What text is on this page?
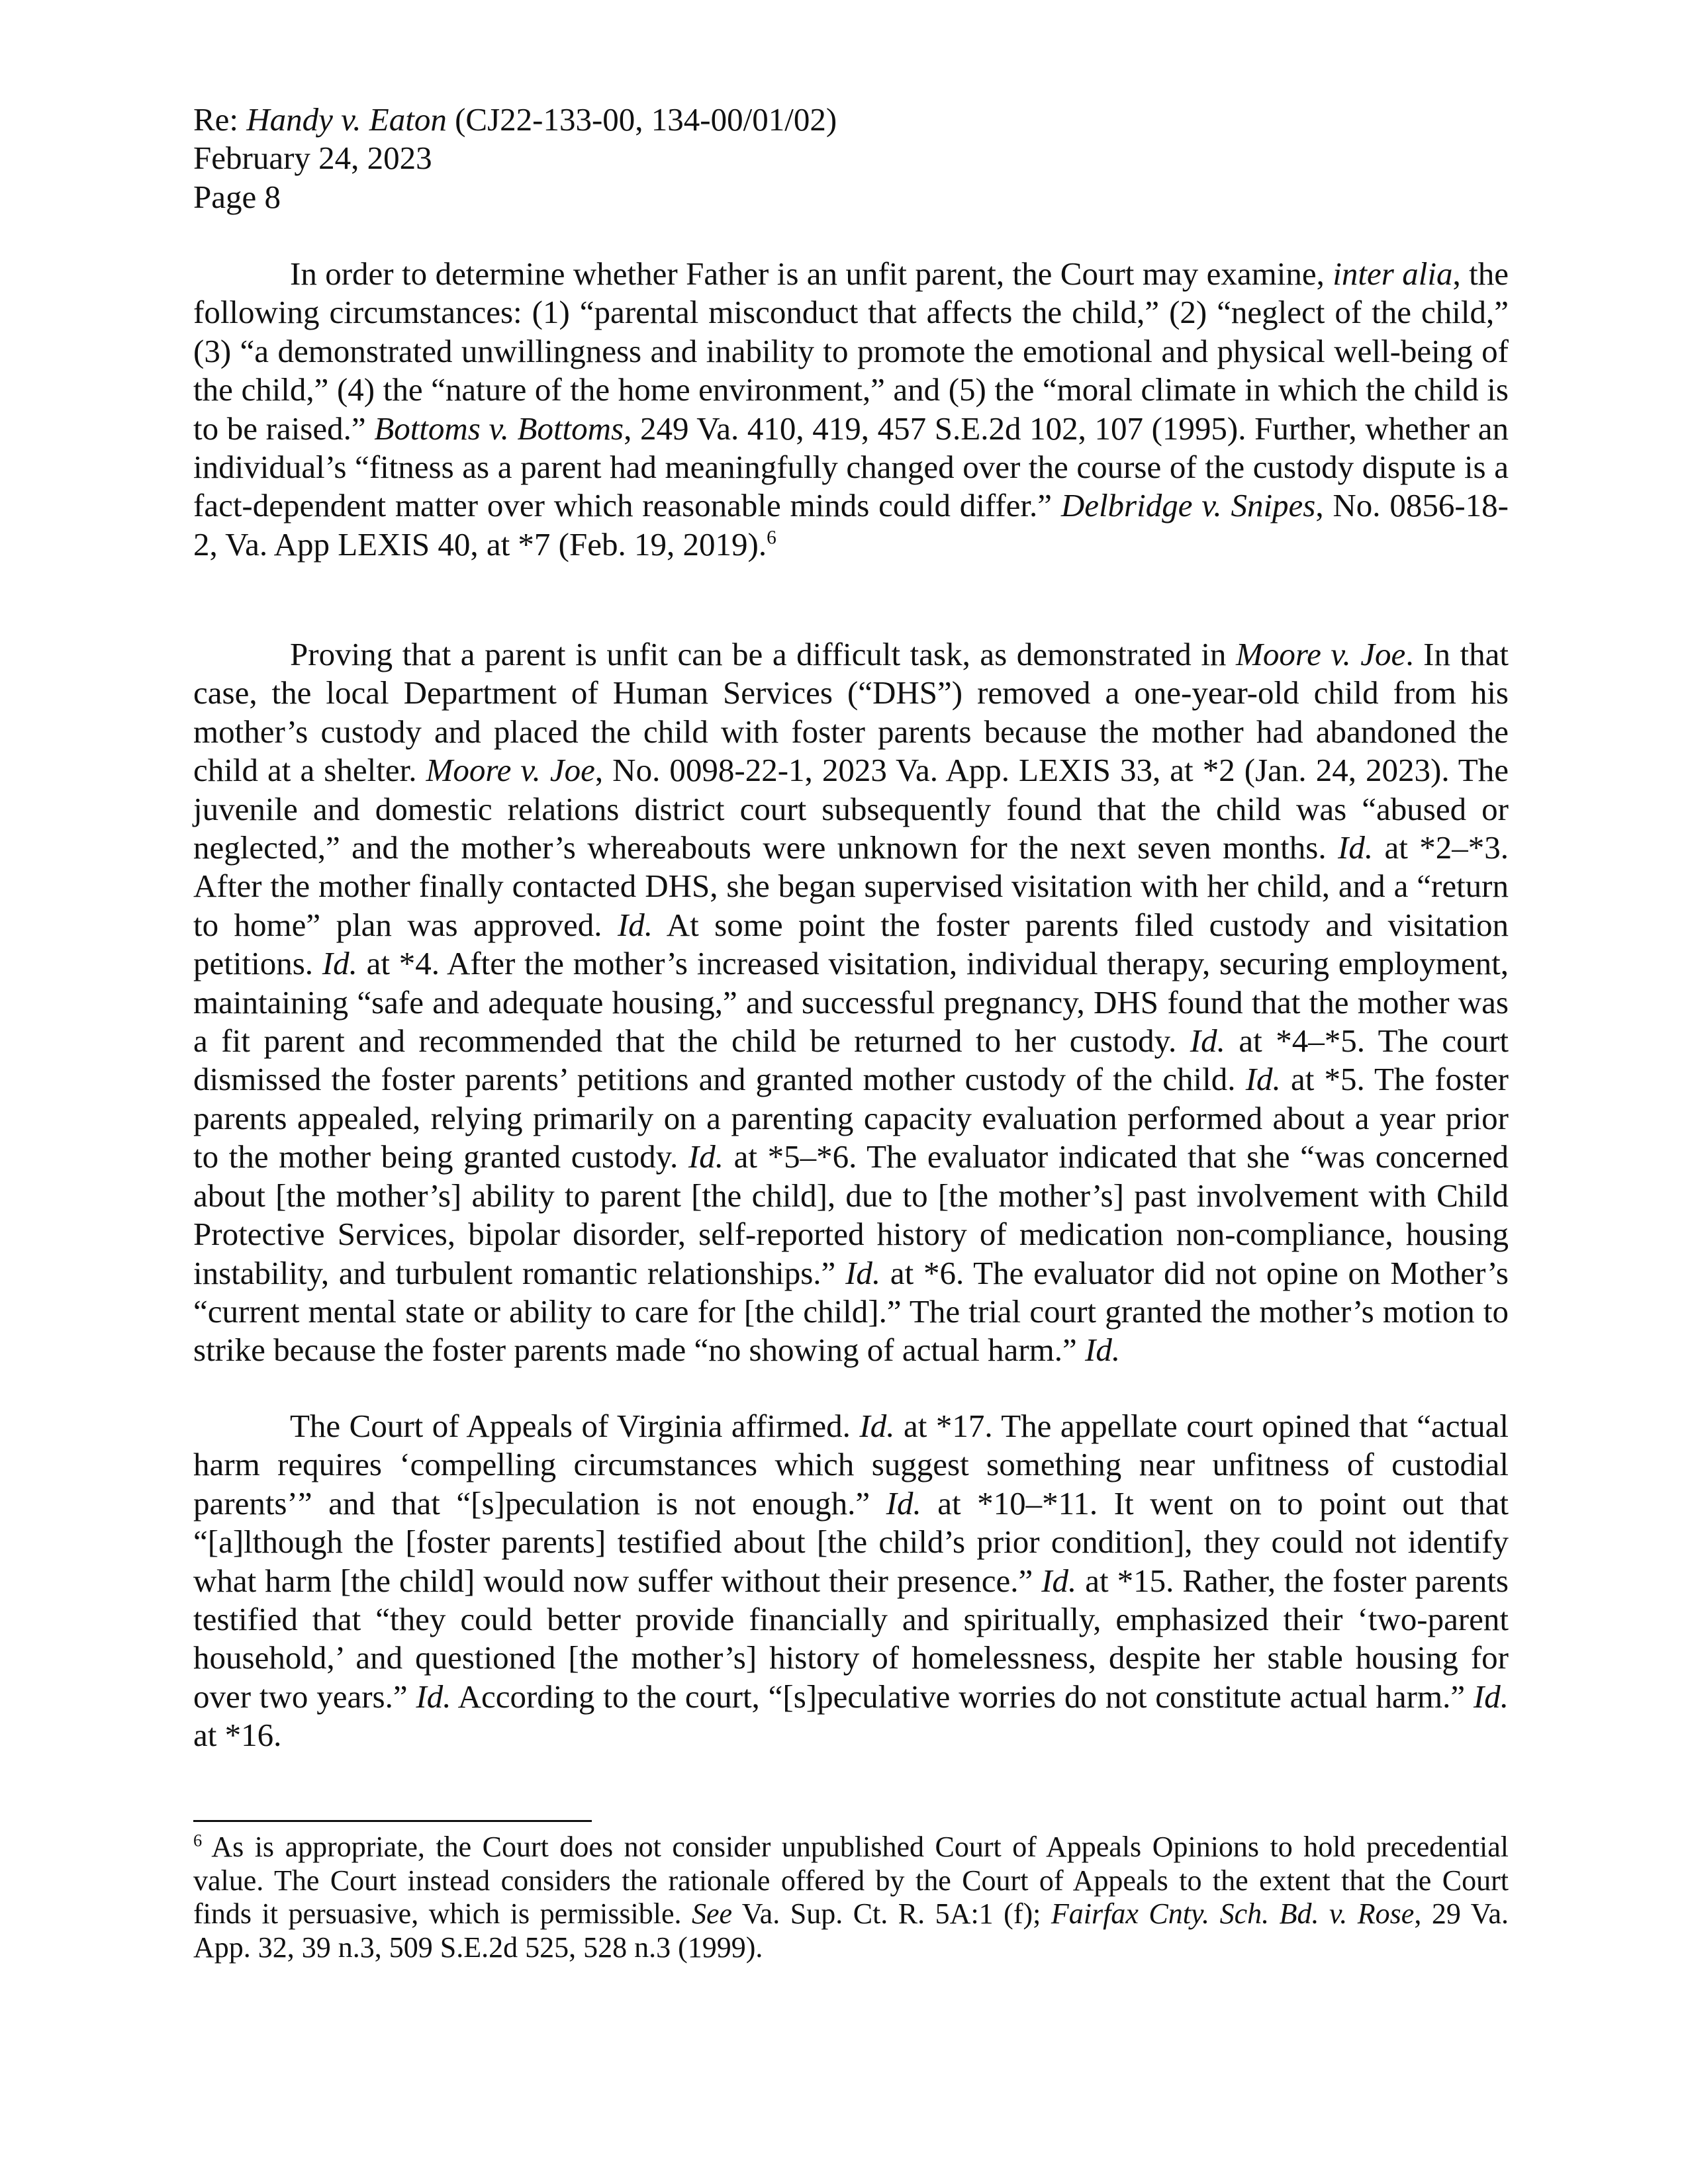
Re: Handy v. Eaton (CJ22-133-00, 134-00/01/02)
February 24, 2023
Page 8

In order to determine whether Father is an unfit parent, the Court may examine, inter alia, the following circumstances: (1) “parental misconduct that affects the child,” (2) “neglect of the child,” (3) “a demonstrated unwillingness and inability to promote the emotional and physical well-being of the child,” (4) the “nature of the home environment,” and (5) the “moral climate in which the child is to be raised.” Bottoms v. Bottoms, 249 Va. 410, 419, 457 S.E.2d 102, 107 (1995). Further, whether an individual’s “fitness as a parent had meaningfully changed over the course of the custody dispute is a fact-dependent matter over which reasonable minds could differ.” Delbridge v. Snipes, No. 0856-18-2, Va. App LEXIS 40, at *7 (Feb. 19, 2019).$^6$

Proving that a parent is unfit can be a difficult task, as demonstrated in Moore v. Joe. In that case, the local Department of Human Services (“DHS”) removed a one-year-old child from his mother’s custody and placed the child with foster parents because the mother had abandoned the child at a shelter. Moore v. Joe, No. 0098-22-1, 2023 Va. App. LEXIS 33, at *2 (Jan. 24, 2023). The juvenile and domestic relations district court subsequently found that the child was “abused or neglected,” and the mother’s whereabouts were unknown for the next seven months. Id. at *2–*3. After the mother finally contacted DHS, she began supervised visitation with her child, and a “return to home” plan was approved. Id. At some point the foster parents filed custody and visitation petitions. Id. at *4. After the mother’s increased visitation, individual therapy, securing employment, maintaining “safe and adequate housing,” and successful pregnancy, DHS found that the mother was a fit parent and recommended that the child be returned to her custody. Id. at *4–*5. The court dismissed the foster parents’ petitions and granted mother custody of the child. Id. at *5. The foster parents appealed, relying primarily on a parenting capacity evaluation performed about a year prior to the mother being granted custody. Id. at *5–*6. The evaluator indicated that she “was concerned about [the mother’s] ability to parent [the child], due to [the mother’s] past involvement with Child Protective Services, bipolar disorder, self-reported history of medication non-compliance, housing instability, and turbulent romantic relationships.” Id. at *6. The evaluator did not opine on Mother’s “current mental state or ability to care for [the child].” The trial court granted the mother’s motion to strike because the foster parents made “no showing of actual harm.” Id.

The Court of Appeals of Virginia affirmed. Id. at *17. The appellate court opined that “actual harm requires ‘compelling circumstances which suggest something near unfitness of custodial parents’” and that “[s]peculation is not enough.” Id. at *10–*11. It went on to point out that “[a]lthough the [foster parents] testified about [the child’s prior condition], they could not identify what harm [the child] would now suffer without their presence.” Id. at *15. Rather, the foster parents testified that “they could better provide financially and spiritually, emphasized their ‘two-parent household,’ and questioned [the mother’s] history of homelessness, despite her stable housing for over two years.” Id. According to the court, “[s]peculative worries do not constitute actual harm.” Id. at *16.

$^6$ As is appropriate, the Court does not consider unpublished Court of Appeals Opinions to hold precedential value. The Court instead considers the rationale offered by the Court of Appeals to the extent that the Court finds it persuasive, which is permissible. See Va. Sup. Ct. R. 5A:1 (f); Fairfax Cnty. Sch. Bd. v. Rose, 29 Va. App. 32, 39 n.3, 509 S.E.2d 525, 528 n.3 (1999).
